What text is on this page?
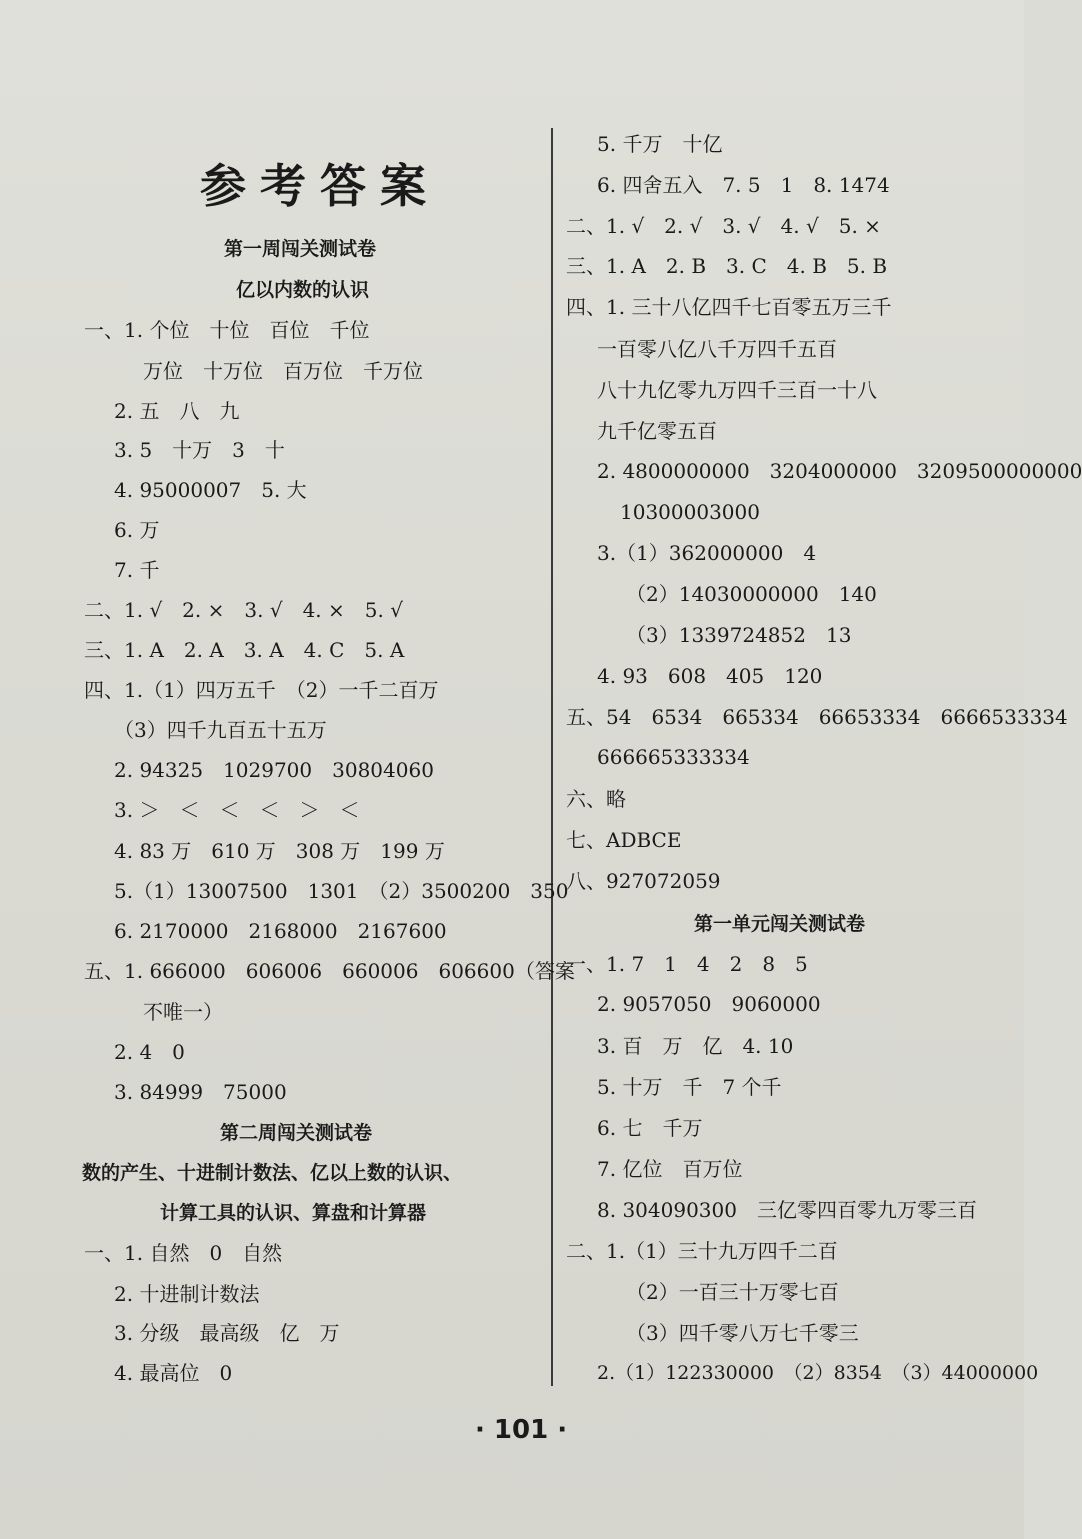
参考答案
第一周闯关测试卷
亿以内数的认识
一、1. 个位　十位　百位　千位
万位　十万位　百万位　千万位
2. 五　八　九
3. 5　十万　3　十
4. 95000007　5. 大
6. 万
7. 千
二、1. √　2. ×　3. √　4. ×　5. √
三、1. A　2. A　3. A　4. C　5. A
四、1.（1）四万五千　（2）一千二百万
（3）四千九百五十五万
2. 94325　1029700　30804060
3. ＞　＜　＜　＜　＞　＜
4. 83 万　610 万　308 万　199 万
5.（1）13007500　1301　（2）3500200　350
6. 2170000　2168000　2167600
五、1. 666000　606006　660006　606600（答案
不唯一）
2. 4　0
3. 84999　75000
第二周闯关测试卷
数的产生、十进制计数法、亿以上数的认识、
计算工具的认识、算盘和计算器
一、1. 自然　0　自然
2. 十进制计数法
3. 分级　最高级　亿　万
4. 最高位　0
5. 千万　十亿
6. 四舍五入　7. 5　1　8. 1474
二、1. √　2. √　3. √　4. √　5. ×
三、1. A　2. B　3. C　4. B　5. B
四、1. 三十八亿四千七百零五万三千
一百零八亿八千万四千五百
八十九亿零九万四千三百一十八
九千亿零五百
2. 4800000000　3204000000　3209500000000
10300003000
3.（1）362000000　4
（2）14030000000　140
（3）1339724852　13
4. 93　608　405　120
五、54　6534　665334　66653334　6666533334
666665333334
六、略
七、ADBCE
八、927072059
第一单元闯关测试卷
一、1. 7　1　4　2　8　5
2. 9057050　9060000
3. 百　万　亿　4. 10
5. 十万　千　7 个千
6. 七　千万
7. 亿位　百万位
8. 304090300　三亿零四百零九万零三百
二、1.（1）三十九万四千二百
（2）一百三十万零七百
（3）四千零八万七千零三
2.（1）122330000　（2）8354　（3）44000000
· 101 ·
